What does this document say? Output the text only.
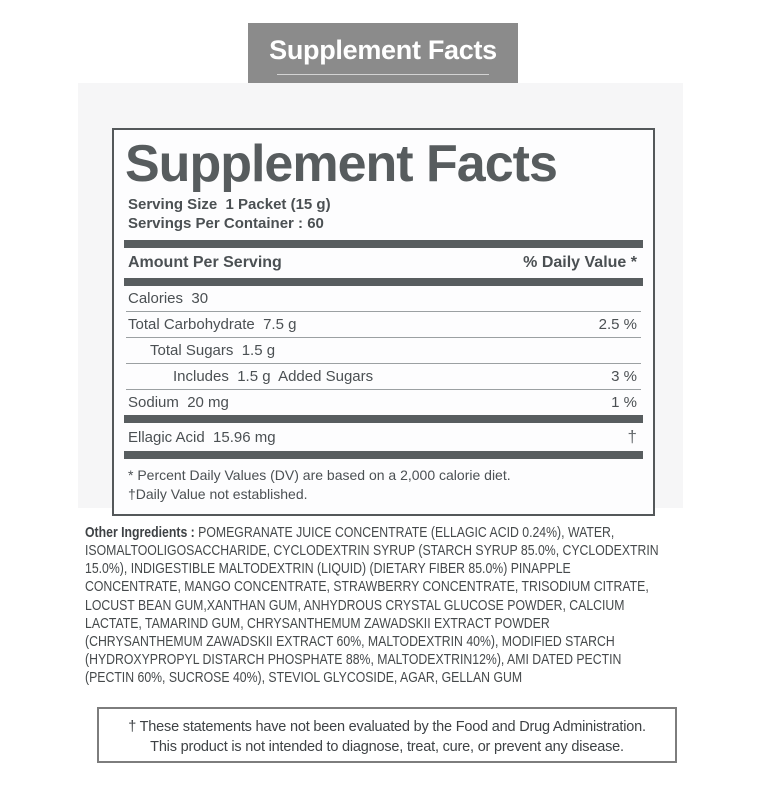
Supplement Facts
Supplement Facts
Serving Size  1 Packet (15 g)
Servings Per Container : 60
Amount Per Serving	% Daily Value *
Calories  30
Total Carbohydrate  7.5 g	2.5 %
Total Sugars  1.5 g
Includes  1.5 g  Added Sugars	3 %
Sodium  20 mg	1 %
Ellagic Acid  15.96 mg	†
* Percent Daily Values (DV) are based on a 2,000 calorie diet.
†Daily Value not established.
Other Ingredients : POMEGRANATE JUICE CONCENTRATE (ELLAGIC ACID 0.24%), WATER, ISOMALTOOLIGOSACCHARIDE, CYCLODEXTRIN SYRUP (STARCH SYRUP 85.0%, CYCLODEXTRIN 15.0%), INDIGESTIBLE MALTODEXTRIN (LIQUID) (DIETARY FIBER 85.0%) PINAPPLE CONCENTRATE, MANGO CONCENTRATE, STRAWBERRY CONCENTRATE, TRISODIUM CITRATE, LOCUST BEAN GUM,XANTHAN GUM, ANHYDROUS CRYSTAL GLUCOSE POWDER, CALCIUM LACTATE, TAMARIND GUM, CHRYSANTHEMUM ZAWADSKII EXTRACT POWDER (CHRYSANTHEMUM ZAWADSKII EXTRACT 60%, MALTODEXTRIN 40%), MODIFIED STARCH (HYDROXYPROPYL DISTARCH PHOSPHATE 88%, MALTODEXTRIN12%), AMI DATED PECTIN (PECTIN 60%, SUCROSE 40%), STEVIOL GLYCOSIDE, AGAR, GELLAN GUM
† These statements have not been evaluated by the Food and Drug Administration.
This product is not intended to diagnose, treat, cure, or prevent any disease.
